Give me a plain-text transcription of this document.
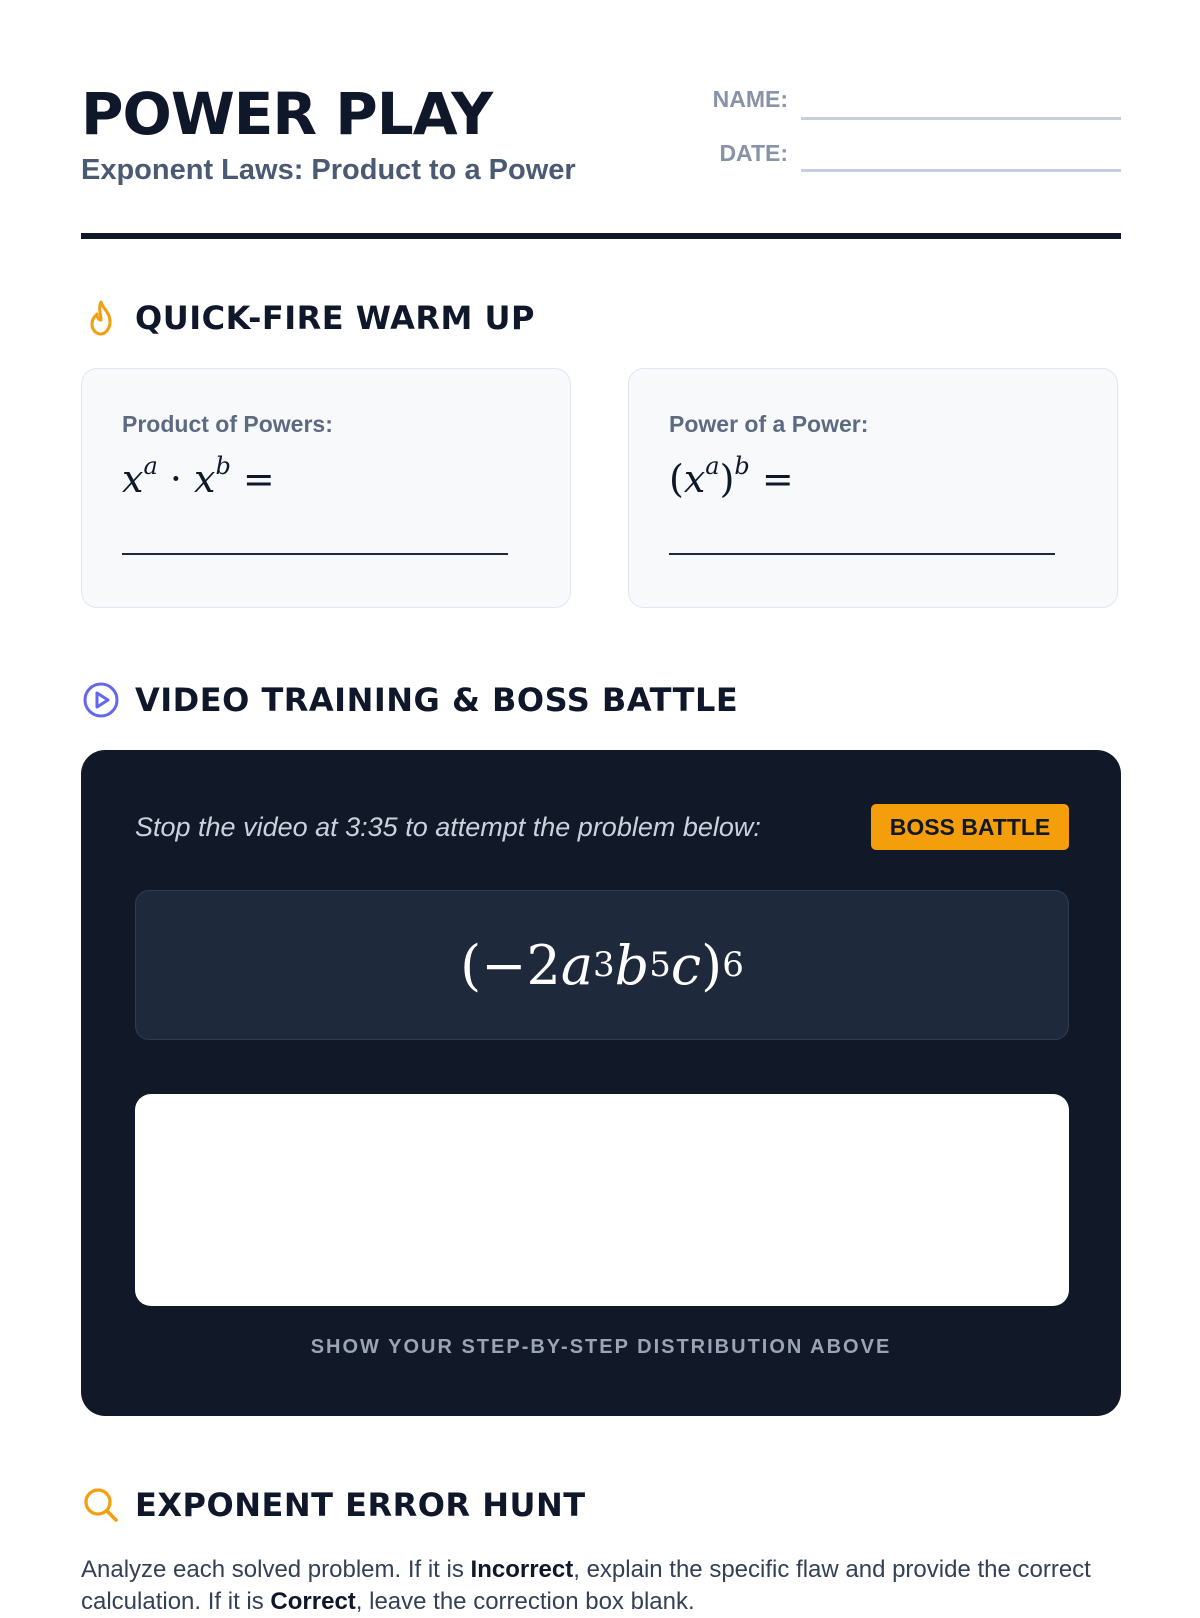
POWER PLAY
Exponent Laws: Product to a Power
NAME:
DATE:
QUICK-FIRE WARM UP
Product of Powers:
$x^a \cdot x^b$ =
Power of a Power:
$(x^a)^b$ =
VIDEO TRAINING & BOSS BATTLE
Stop the video at 3:35 to attempt the problem below:	BOSS BATTLE
(−2 a 3 b 5 c ) 6
SHOW YOUR STEP-BY-STEP DISTRIBUTION ABOVE
EXPONENT ERROR HUNT
Analyze each solved problem. If it is Incorrect, explain the specific flaw and provide the correct calculation. If it is Correct, leave the correction box blank.
